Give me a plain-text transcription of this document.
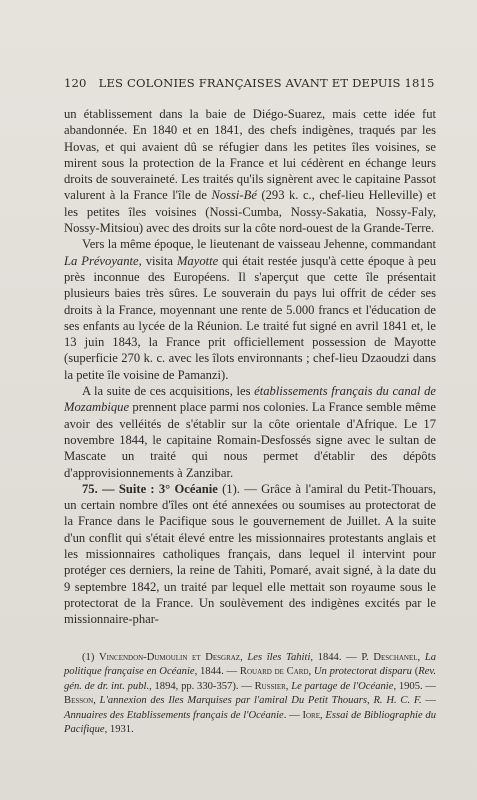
120 LES COLONIES FRANÇAISES AVANT ET DEPUIS 1815

un établissement dans la baie de Diégo-Suarez, mais cette idée fut abandonnée. En 1840 et en 1841, des chefs indigènes, traqués par les Hovas, et qui avaient dû se réfugier dans les petites îles voisines, se mirent sous la protection de la France et lui cédèrent en échange leurs droits de souveraineté. Les traités qu'ils signèrent avec le capitaine Passot valurent à la France l'île de Nossi-Bé (293 k. c., chef-lieu Helleville) et les petites îles voisines (Nossi-Cumba, Nossy-Sakatia, Nossy-Faly, Nossy-Mitsiou) avec des droits sur la côte nord-ouest de la Grande-Terre.

Vers la même époque, le lieutenant de vaisseau Jehenne, commandant La Prévoyante, visita Mayotte qui était restée jusqu'à cette époque à peu près inconnue des Européens. Il s'aperçut que cette île présentait plusieurs baies très sûres. Le souverain du pays lui offrit de céder ses droits à la France, moyennant une rente de 5.000 francs et l'éducation de ses enfants au lycée de la Réunion. Le traité fut signé en avril 1841 et, le 13 juin 1843, la France prit officiellement possession de Mayotte (superficie 270 k. c. avec les îlots environnants ; chef-lieu Dzaoudzi dans la petite île voisine de Pamanzi).

A la suite de ces acquisitions, les établissements français du canal de Mozambique prennent place parmi nos colonies. La France semble même avoir des velléités de s'établir sur la côte orientale d'Afrique. Le 17 novembre 1844, le capitaine Romain-Desfossés signe avec le sultan de Mascate un traité qui nous permet d'établir des dépôts d'approvisionnements à Zanzibar.

75. — Suite : 3° Océanie (1). — Grâce à l'amiral du Petit-Thouars, un certain nombre d'îles ont été annexées ou soumises au protectorat de la France dans le Pacifique sous le gouvernement de Juillet. A la suite d'un conflit qui s'était élevé entre les missionnaires protestants anglais et les missionnaires catholiques français, dans lequel il intervint pour protéger ces derniers, la reine de Tahiti, Pomaré, avait signé, à la date du 9 septembre 1842, un traité par lequel elle mettait son royaume sous le protectorat de la France. Un soulèvement des indigènes excités par le missionnaire-phar-

(1) Vincendon-Dumoulin et Desgraz, Les îles Tahiti, 1844. — P. Deschanel, La politique française en Océanie, 1844. — Rouard de Card, Un protectorat disparu (Rev. gén. de dr. int. publ., 1894, pp. 330-357). — Russier, Le partage de l'Océanie, 1905. — Besson, L'annexion des Iles Marquises par l'amiral Du Petit Thouars, R. H. C. F. — Annuaires des Etablissements français de l'Océanie. — Iore, Essai de Bibliographie du Pacifique, 1931.
